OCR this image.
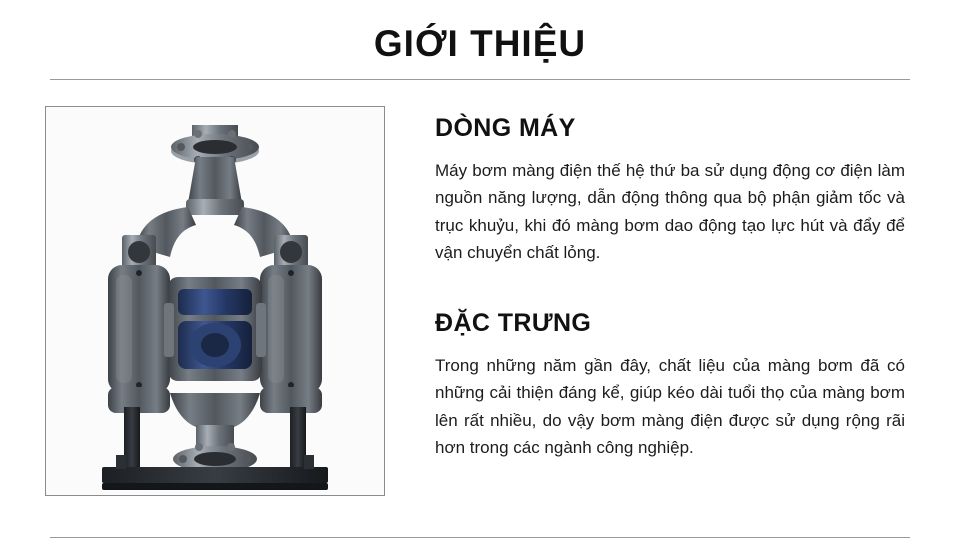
GIỚI THIỆU
DÒNG MÁY
Máy bơm màng điện thế hệ thứ ba sử dụng động cơ điện làm nguồn năng lượng, dẫn động thông qua bộ phận giảm tốc và trục khuỷu, khi đó màng bơm dao động tạo lực hút và đẩy để vận chuyển chất lỏng.
ĐẶC TRƯNG
Trong những năm gần đây, chất liệu của màng bơm đã có những cải thiện đáng kể, giúp kéo dài tuổi thọ của màng bơm lên rất nhiều, do vậy bơm màng điện được sử dụng rộng rãi hơn trong các ngành công nghiệp.
